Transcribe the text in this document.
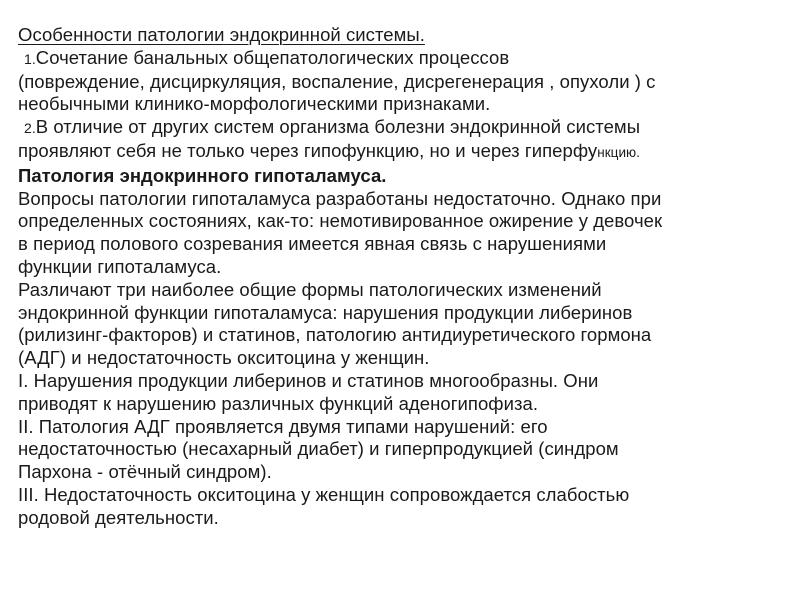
Особенности патологии эндокринной системы.
1.Сочетание банальных общепатологических процессов
(повреждение, дисциркуляция, воспаление, дисрегенерация , опухоли ) с
необычными клинико-морфологическими признаками.
2.В отличие от других систем организма болезни эндокринной системы
проявляют себя не только через гипофункцию, но и через гиперфункцию.
Патология эндокринного гипоталамуса.
Вопросы патологии гипоталамуса разработаны недостаточно. Однако при
определенных состояниях, как-то: немотивированное ожирение у девочек
в период полового созревания имеется явная связь с нарушениями
функции гипоталамуса.
Различают три наиболее общие формы патологических изменений
эндокринной функции гипоталамуса: нарушения продукции либеринов
(рилизинг-факторов) и статинов, патологию антидиуретического гормона
(АДГ) и недостаточность окситоцина у женщин.
I. Нарушения продукции либеринов и статинов многообразны. Они
приводят к нарушению различных функций аденогипофиза.
II. Патология АДГ проявляется двумя типами нарушений: его
недостаточностью (несахарный диабет) и гиперпродукцией (синдром
Пархона - отёчный синдром).
III. Недостаточность окситоцина у женщин сопровождается слабостью
родовой деятельности.
